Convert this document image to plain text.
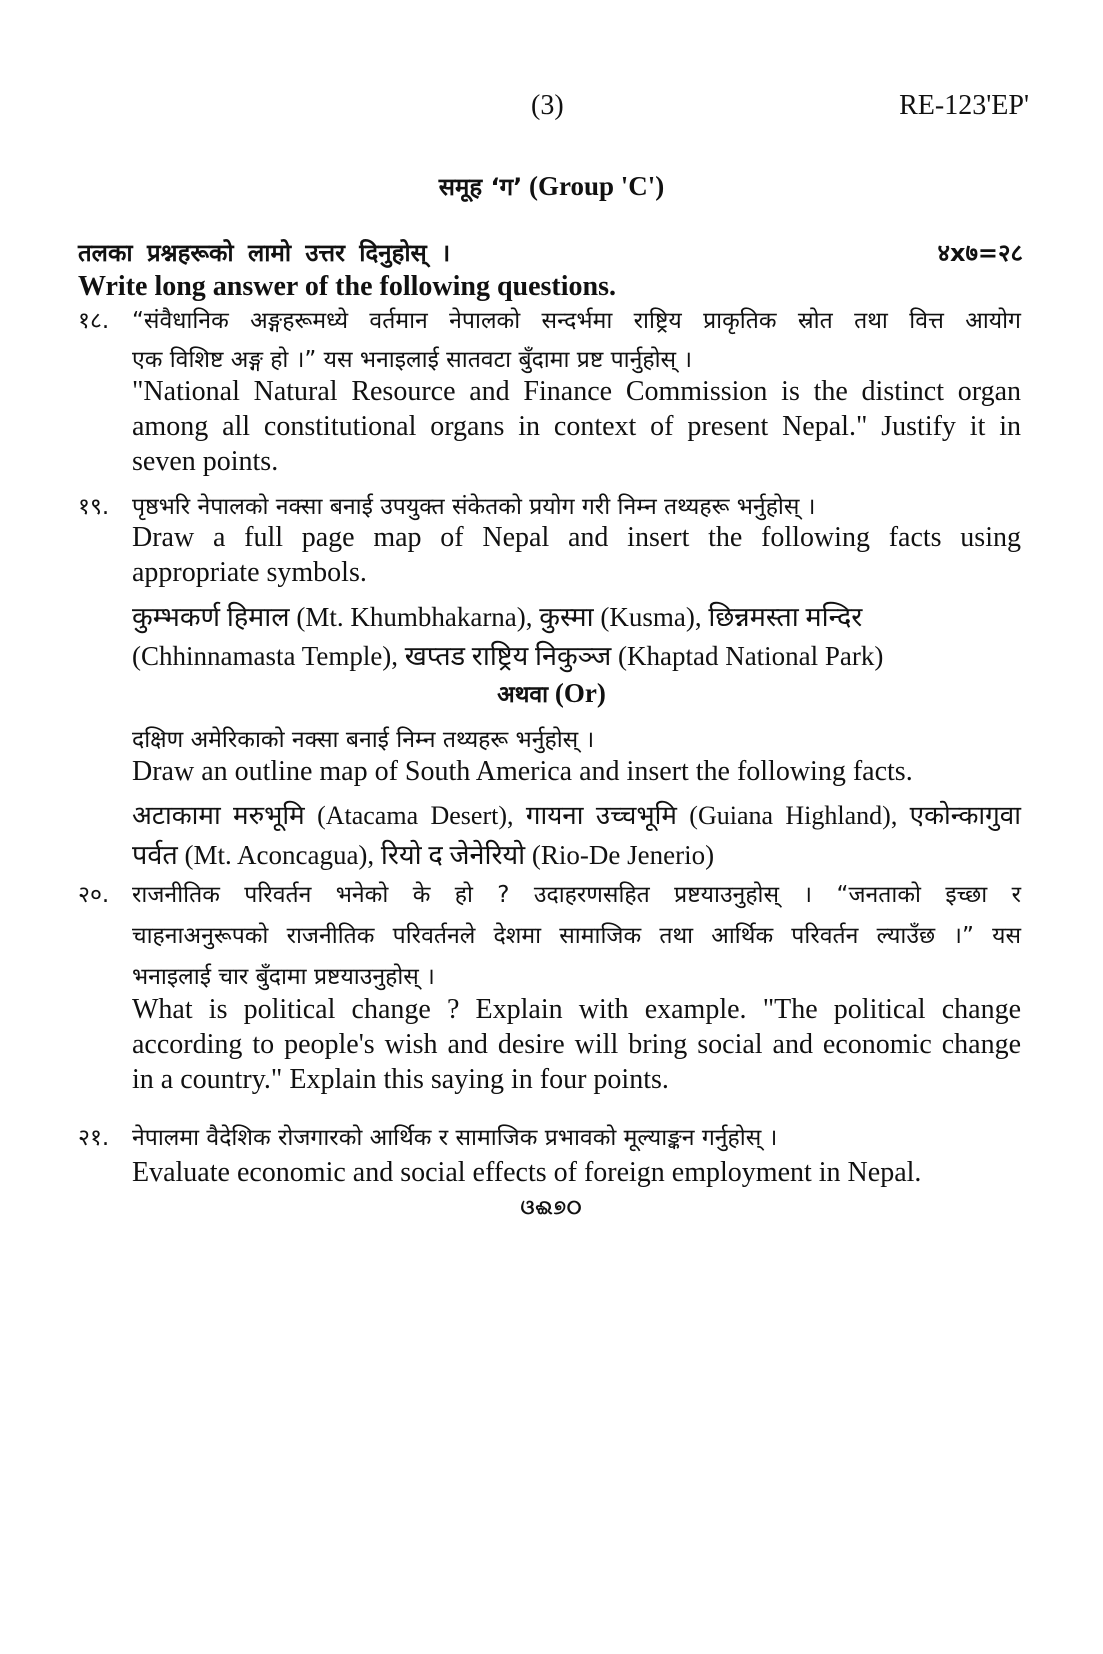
(3)	RE-123'EP'
समूह ‘ग’ (Group 'C')
तलका प्रश्नहरूको लामो उत्तर दिनुहोस् ।	४x७=२८
Write long answer of the following questions.
१८. “संवैधानिक अङ्गहरूमध्ये वर्तमान नेपालको सन्दर्भमा राष्ट्रिय प्राकृतिक स्रोत तथा वित्त आयोग
एक विशिष्ट अङ्ग हो ।” यस भनाइलाई सातवटा बुँदामा प्रष्ट पार्नुहोस् ।
"National Natural Resource and Finance Commission is the distinct organ
among all constitutional organs in context of present Nepal." Justify it in
seven points.
१९. पृष्ठभरि नेपालको नक्सा बनाई उपयुक्त संकेतको प्रयोग गरी निम्न तथ्यहरू भर्नुहोस् ।
Draw a full page map of Nepal and insert the following facts using
appropriate symbols.
कुम्भकर्ण हिमाल (Mt. Khumbhakarna), कुस्मा (Kusma), छिन्नमस्ता मन्दिर
(Chhinnamasta Temple), खप्तड राष्ट्रिय निकुञ्ज (Khaptad National Park)
अथवा (Or)
दक्षिण अमेरिकाको नक्सा बनाई निम्न तथ्यहरू भर्नुहोस् ।
Draw an outline map of South America and insert the following facts.
अटाकामा मरुभूमि (Atacama Desert), गायना उच्चभूमि (Guiana Highland), एकोन्कागुवा
पर्वत (Mt. Aconcagua), रियो द जेनेरियो (Rio-De Jenerio)
२०. राजनीतिक परिवर्तन भनेको के हो ? उदाहरणसहित प्रष्टयाउनुहोस् । “जनताको इच्छा र
चाहनाअनुरूपको राजनीतिक परिवर्तनले देशमा सामाजिक तथा आर्थिक परिवर्तन ल्याउँछ ।” यस
भनाइलाई चार बुँदामा प्रष्टयाउनुहोस् ।
What is political change ? Explain with example. "The political change
according to people's wish and desire will bring social and economic change
in a country." Explain this saying in four points.
२१. नेपालमा वैदेशिक रोजगारको आर्थिक र सामाजिक प्रभावको मूल्याङ्कन गर्नुहोस् ।
Evaluate economic and social effects of foreign employment in Nepal.
ଓଈ୭୦
